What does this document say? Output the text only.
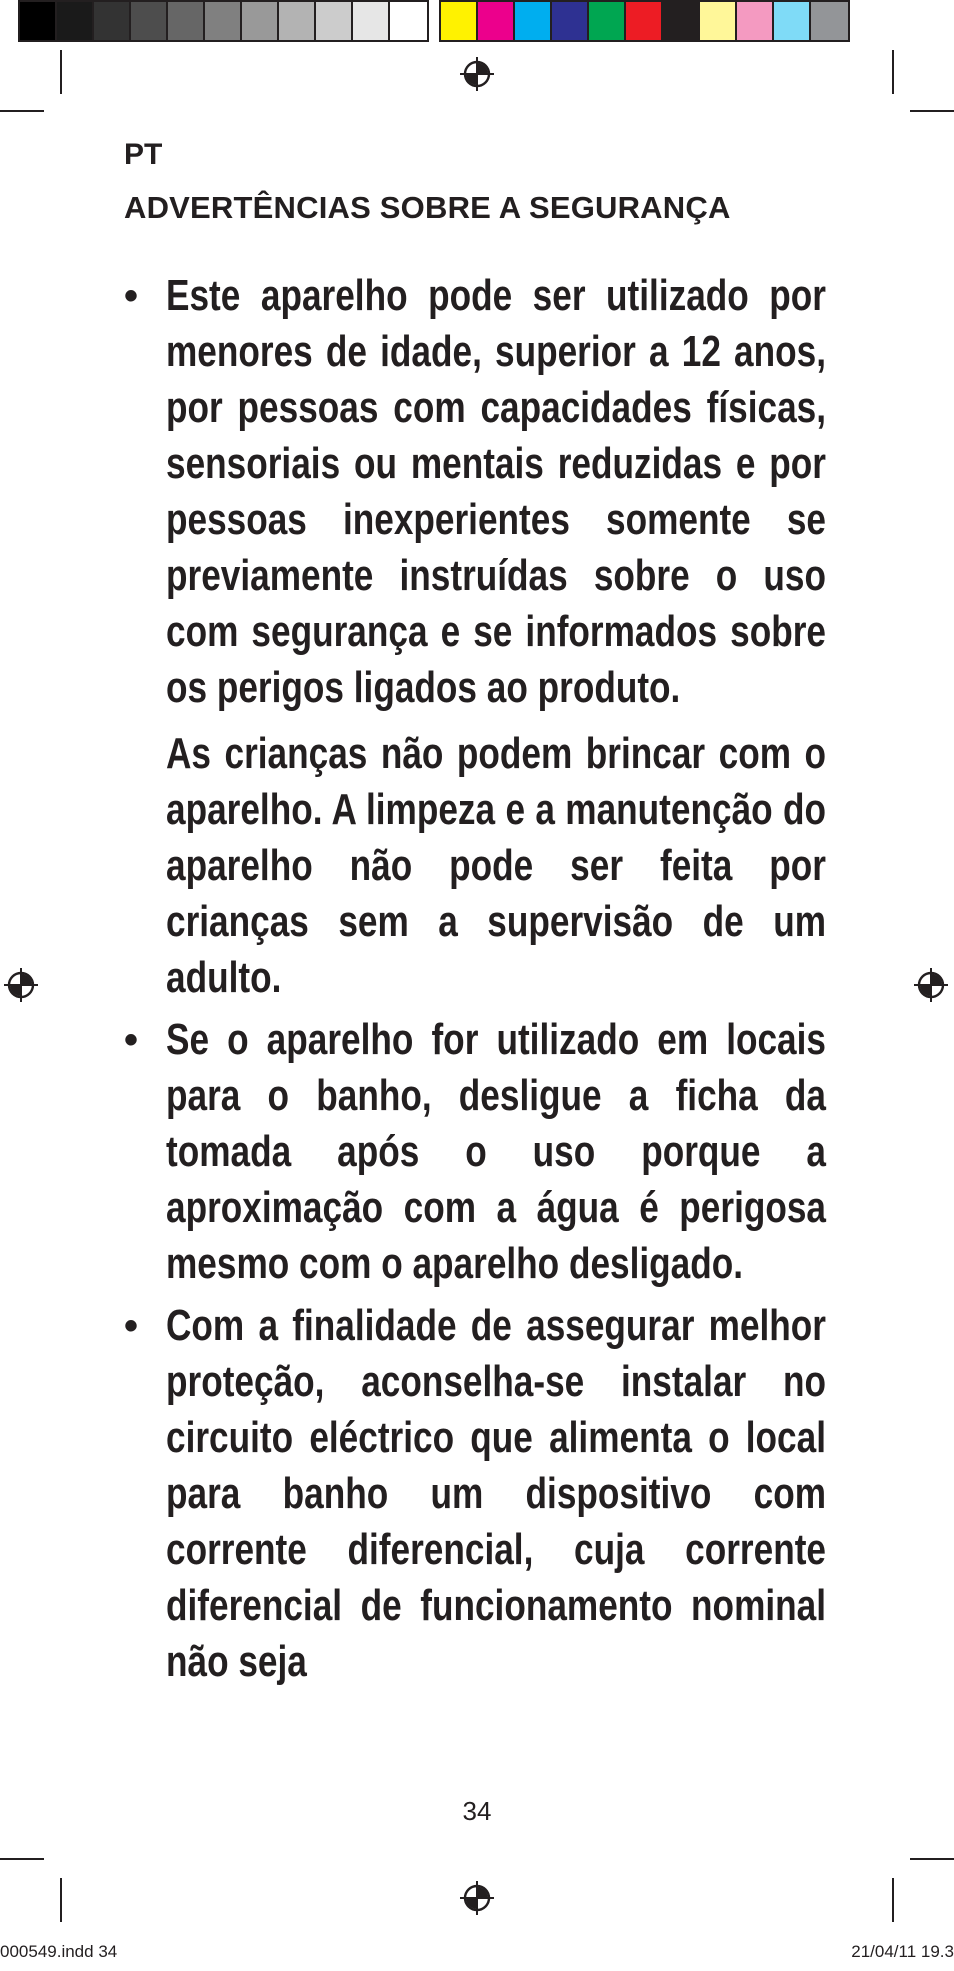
PT

ADVERTÊNCIAS SOBRE A SEGURANÇA
• Este aparelho pode ser utilizado por menores de idade, superior a 12 anos, por pessoas com capacidades físicas, sensoriais ou mentais reduzidas e por pessoas inexperientes somente se previamente instruídas sobre o uso com segurança e se informados sobre os perigos ligados ao produto.

As crianças não podem brincar com o aparelho. A limpeza e a manutenção do aparelho não pode ser feita por crianças sem a supervisão de um adulto.

• Se o aparelho for utilizado em locais para o banho, desligue a ficha da tomada após o uso porque a aproximação com a água é perigosa mesmo com o aparelho desligado.

• Com a finalidade de assegurar melhor proteção, aconselha-se instalar no circuito eléctrico que alimenta o local para banho um dispositivo com corrente diferencial, cuja corrente diferencial de funcionamento nominal não seja

34

000549.indd 34	21/04/11 19.3
